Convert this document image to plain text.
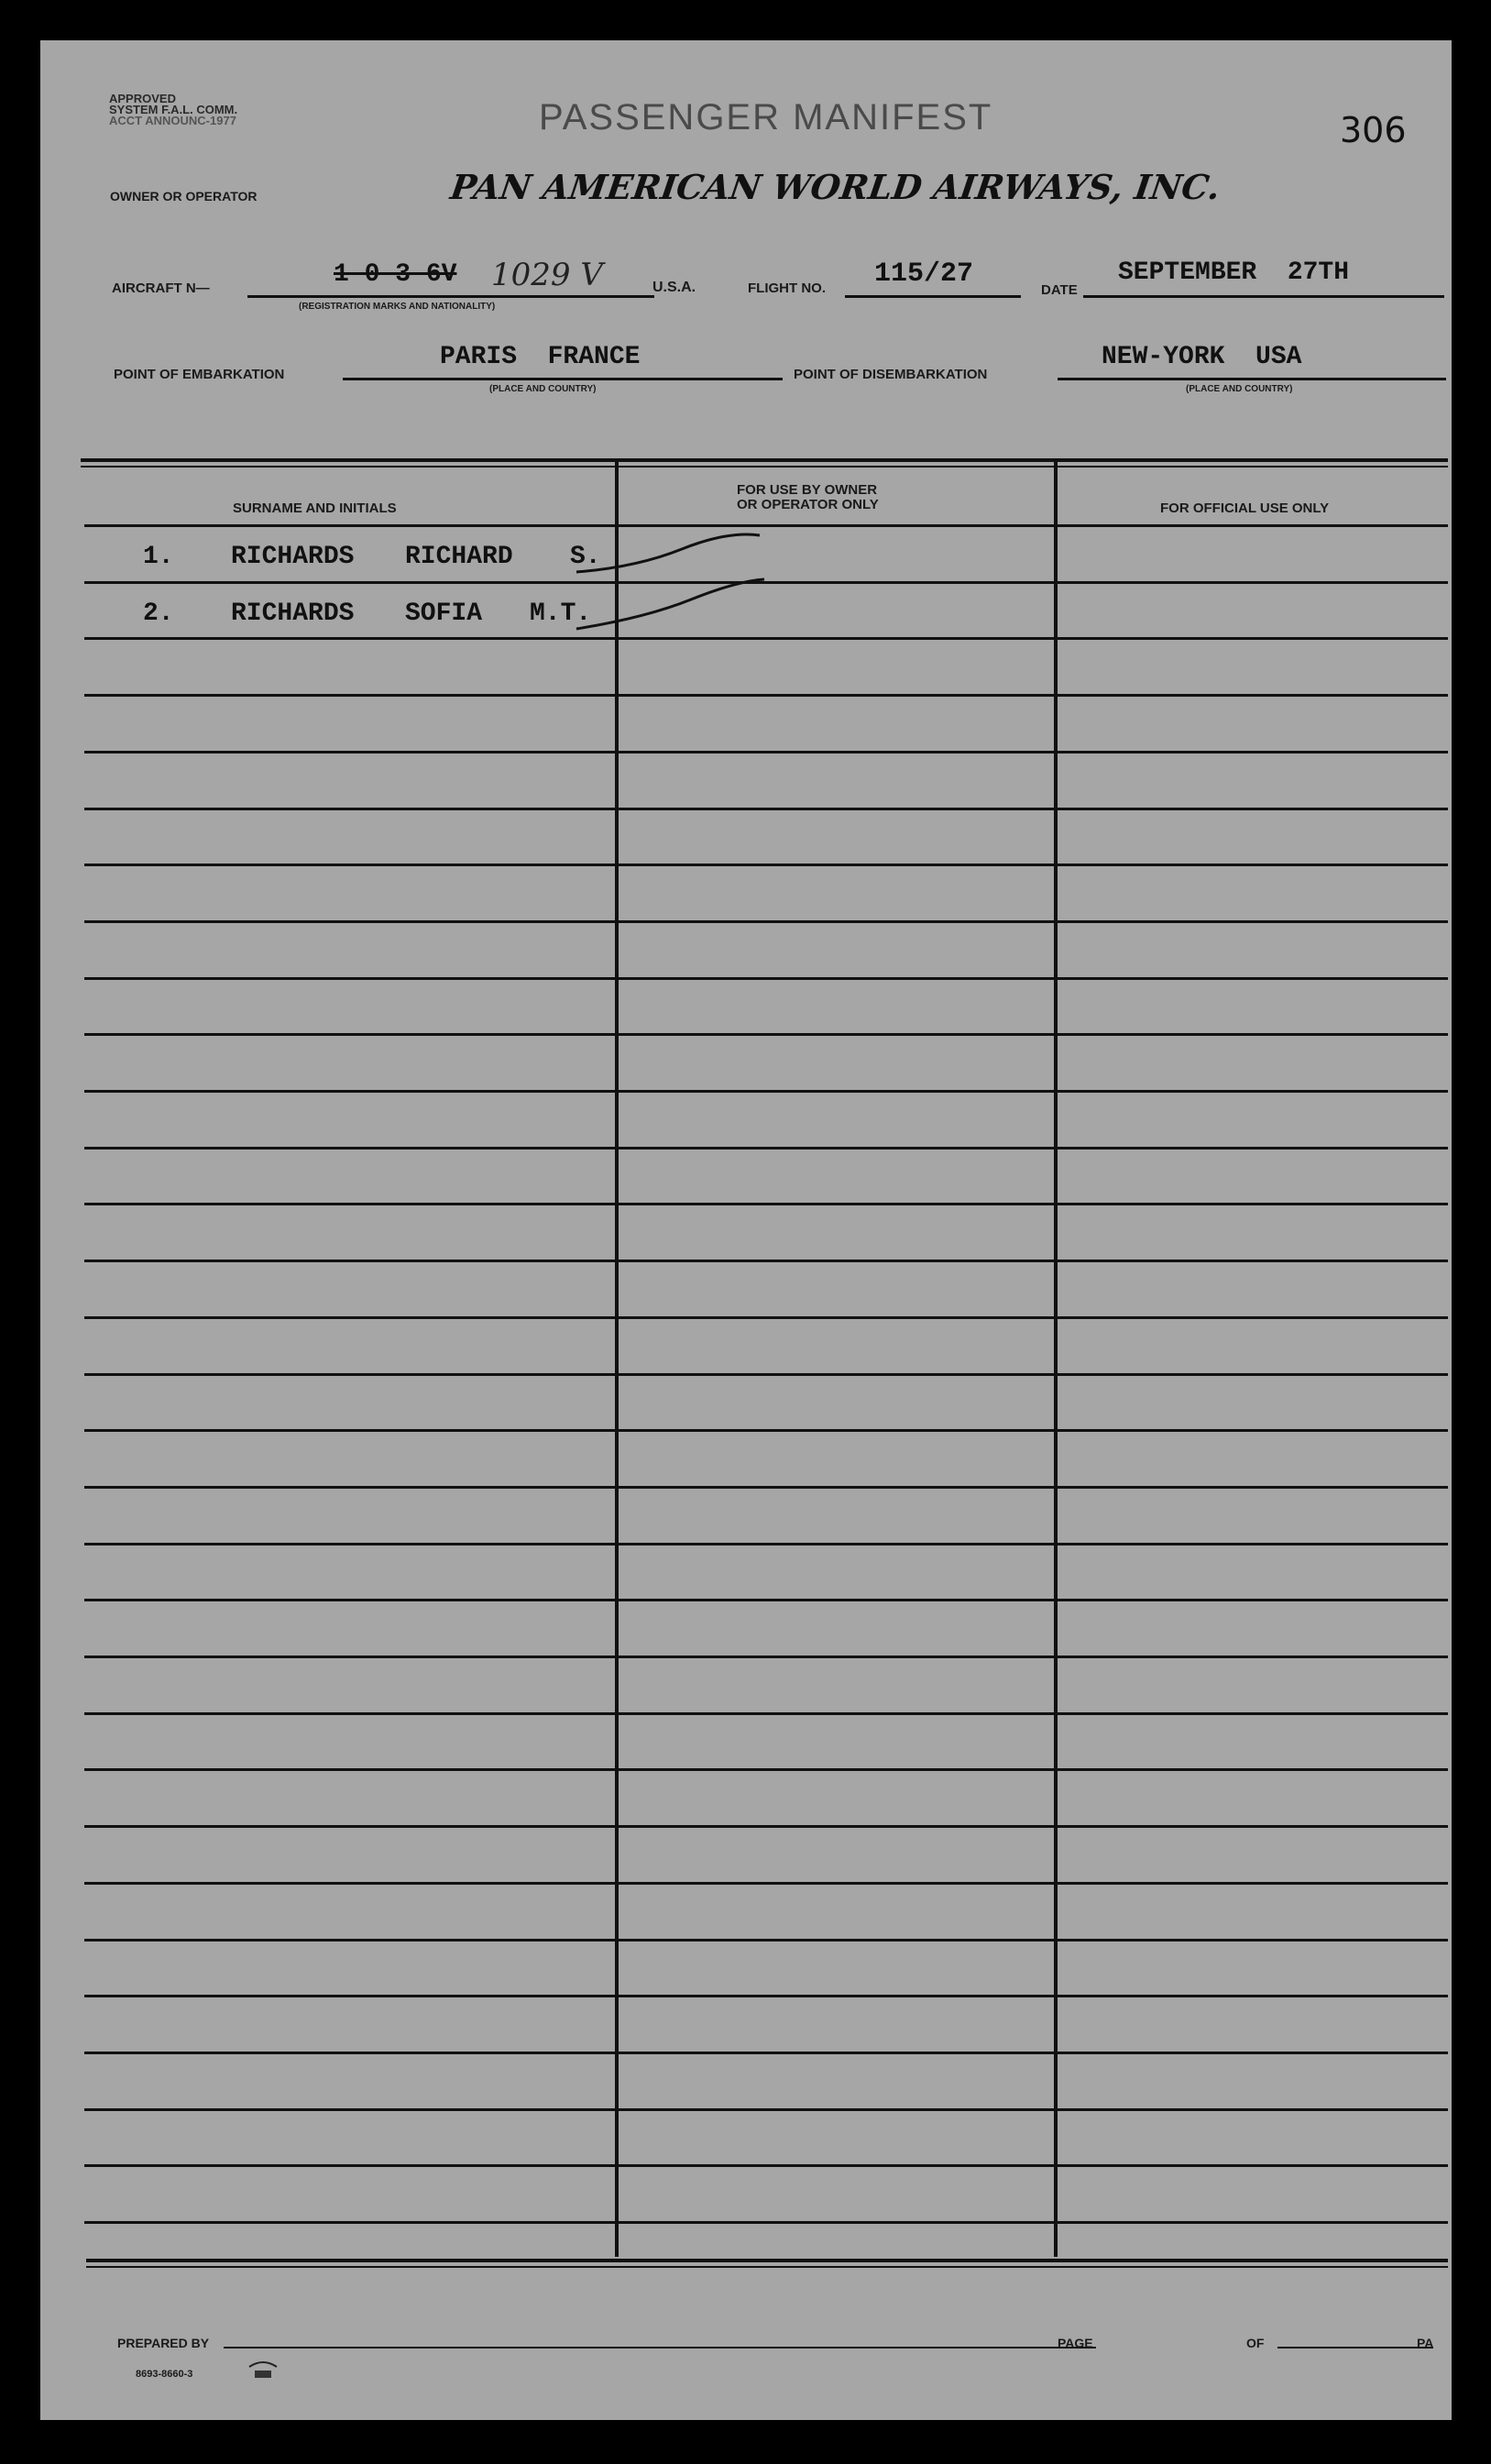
APPROVED
SYSTEM F.A.L. COMM.
ACCT ANNOUNC-1977	PASSENGER MANIFEST	306
OWNER OR OPERATOR	PAN AMERICAN WORLD AIRWAYS, INC.
AIRCRAFT N—	1 0 3 6V 1029 V
(REGISTRATION MARKS AND NATIONALITY)
U.S.A.	FLIGHT NO. 115/27
DATE
SEPTEMBER  27TH
POINT OF EMBARKATION
PARIS  FRANCE
(PLACE AND COUNTRY)
POINT OF DISEMBARKATION
NEW-YORK  USA
(PLACE AND COUNTRY)
SURNAME AND INITIALS
FOR USE BY OWNER
OR OPERATOR ONLY	FOR OFFICIAL USE ONLY
1. RICHARDS RICHARD S.
2. RICHARDS SOFIA M.T.
PREPARED BY	PAGE	OF	PA
8693-8660-3
